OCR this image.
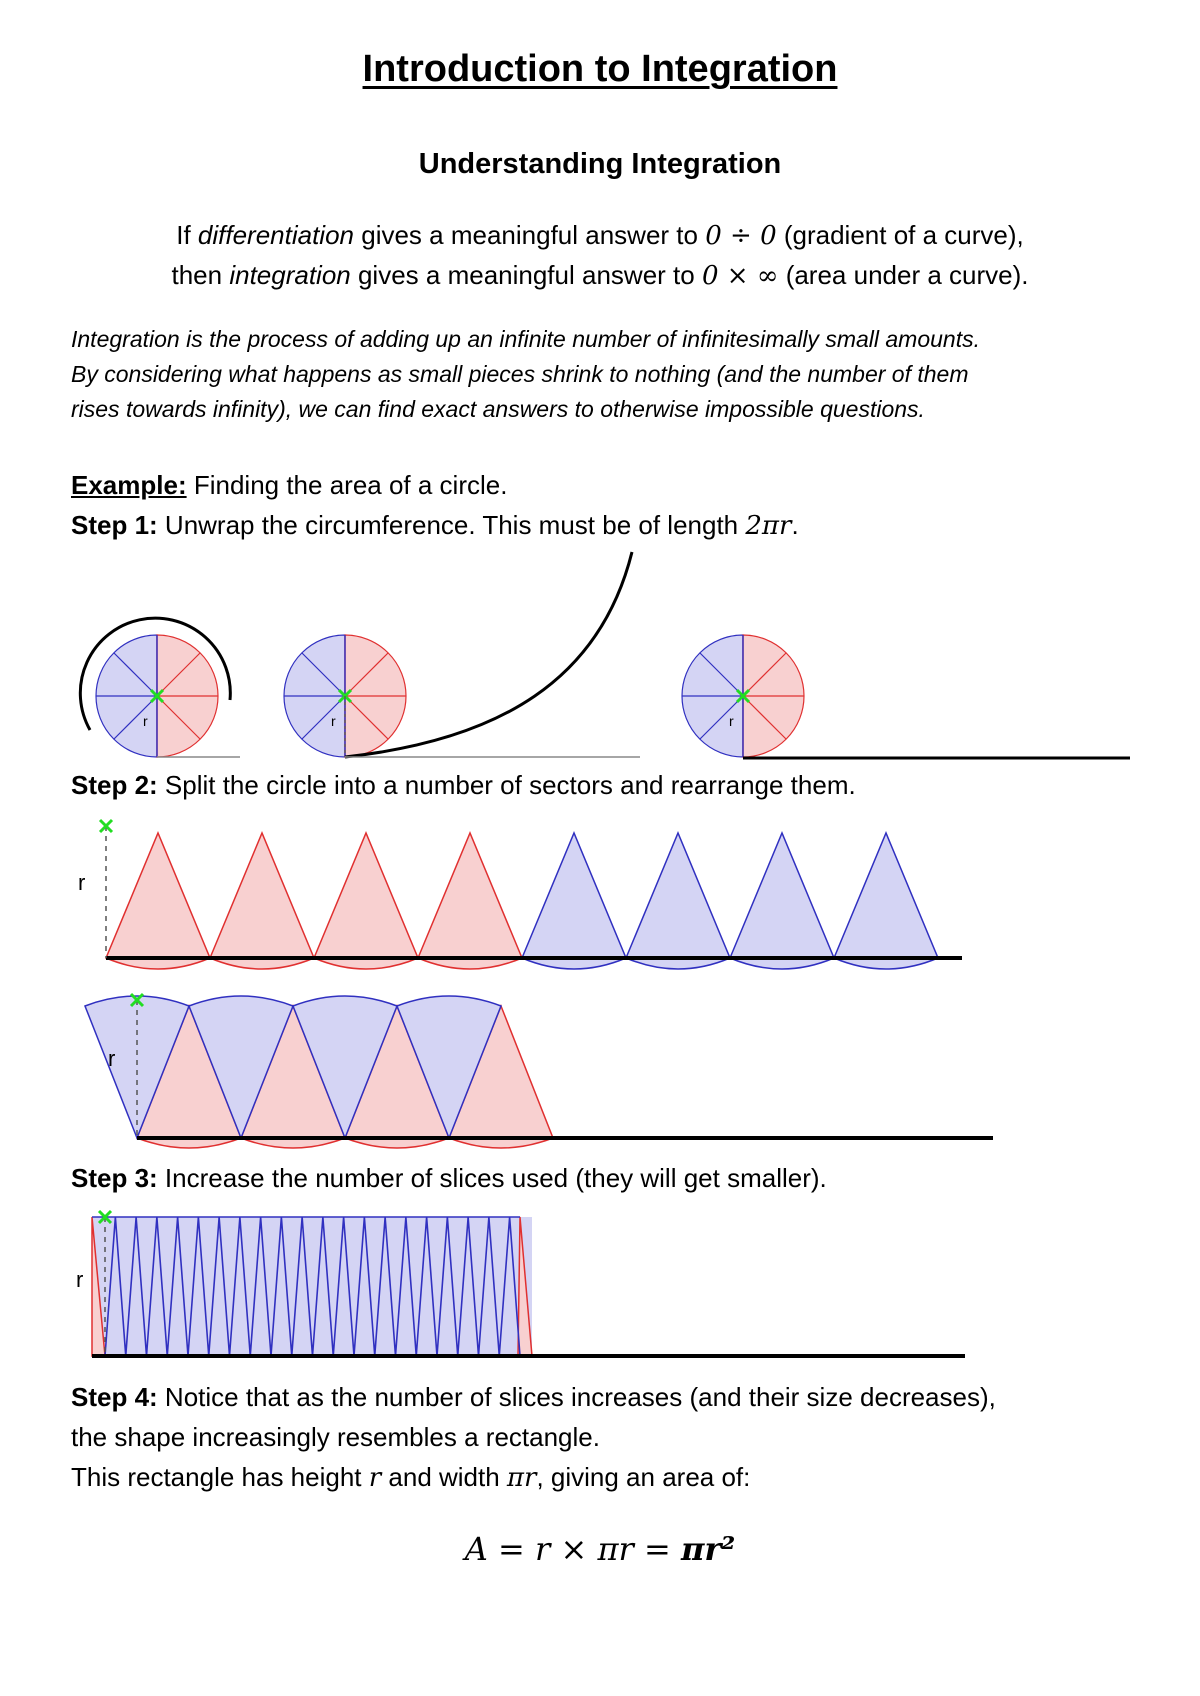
Introduction to Integration
Understanding Integration
If differentiation gives a meaningful answer to 0 ÷ 0 (gradient of a curve),
then integration gives a meaningful answer to 0 × ∞ (area under a curve).
Integration is the process of adding up an infinite number of infinitesimally small amounts.
By considering what happens as small pieces shrink to nothing (and the number of them
rises towards infinity), we can find exact answers to otherwise impossible questions.
Example: Finding the area of a circle.
Step 1: Unwrap the circumference. This must be of length 2πr.
Step 2: Split the circle into a number of sectors and rearrange them.
Step 3: Increase the number of slices used (they will get smaller).
Step 4: Notice that as the number of slices increases (and their size decreases),
the shape increasingly resembles a rectangle.
This rectangle has height r and width πr, giving an area of:
A = r × πr = πr²
r	r	r
r
r
r
